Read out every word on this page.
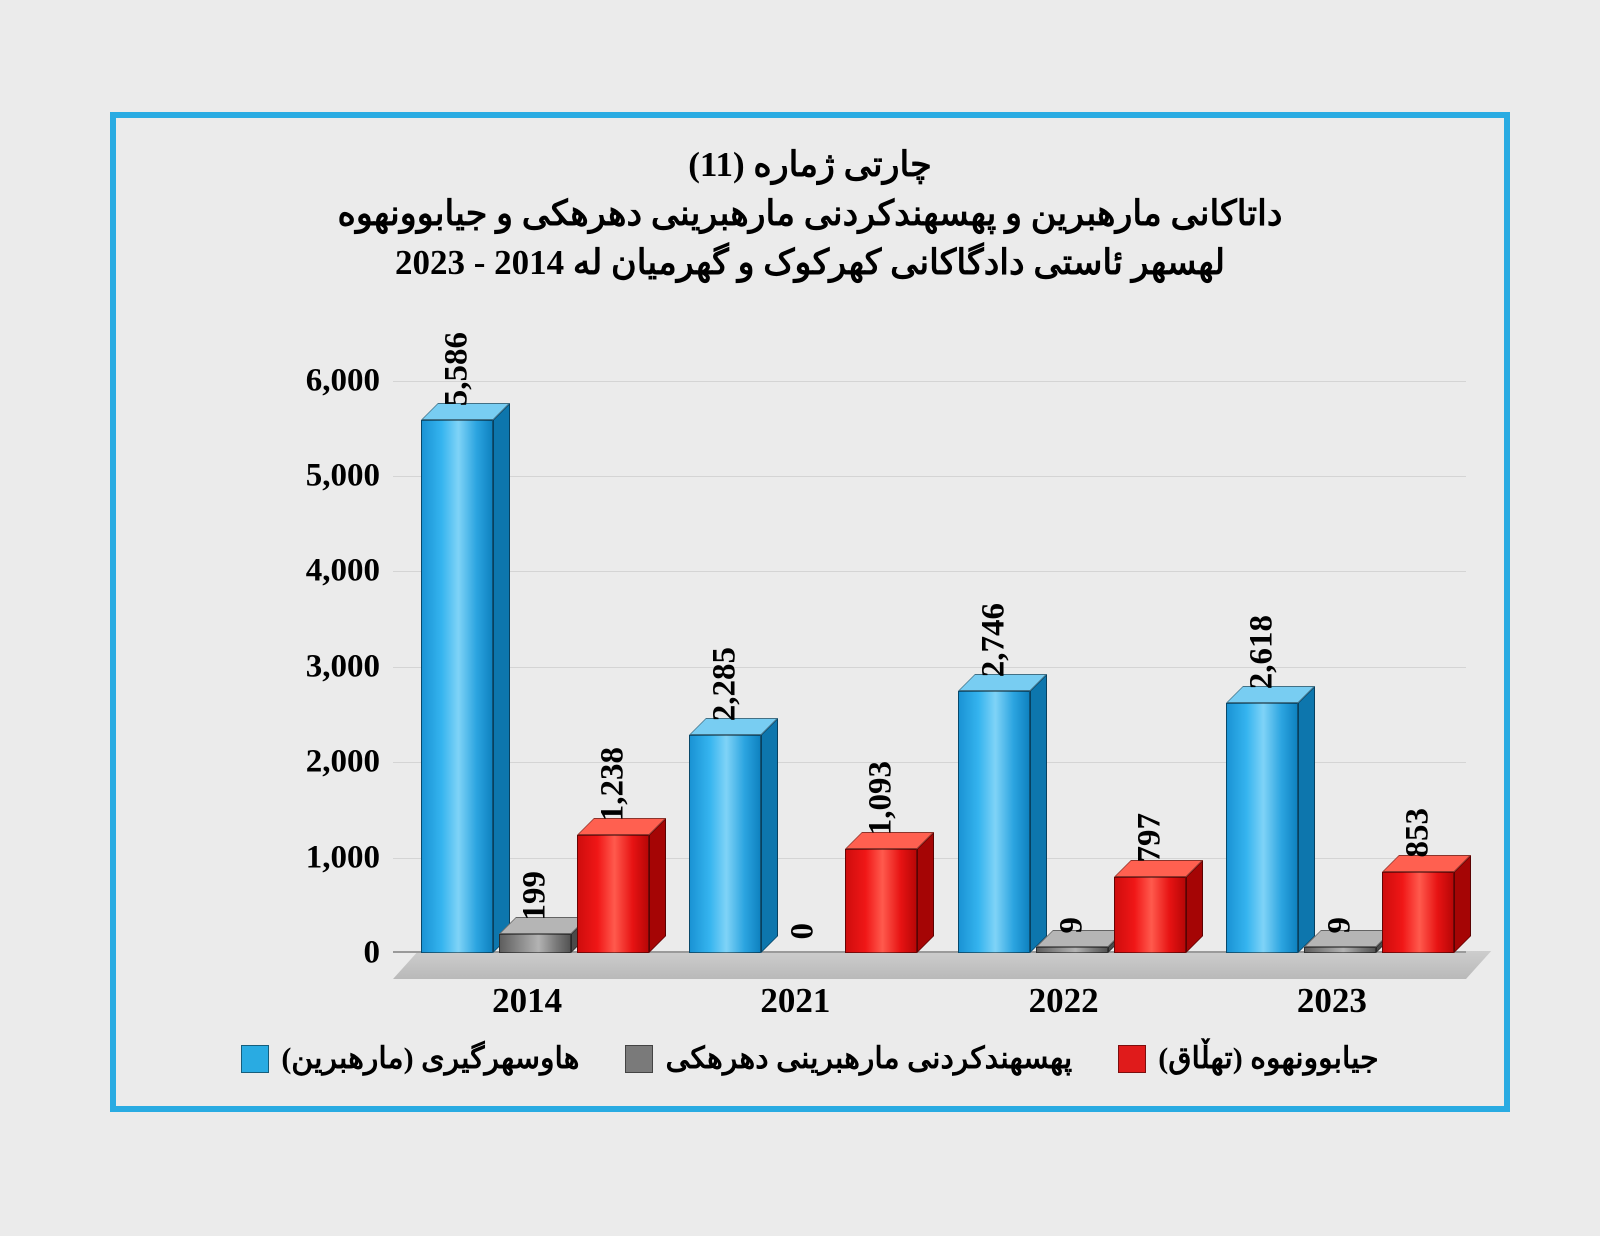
چارتی ژماره (11)
داتاکانی مارهبرین و پهسهندکردنی مارهبرینی دهرهکی و جیابوونهوه
لهسهر ئاستی دادگاکانی کهرکوک و گهرمیان له 2014 - 2023
0
1,000
2,000
3,000
4,000
5,000
6,000 5,586
199
1,238
2,285
0
1,093
2,746
9
797
2,618
9
853
2014	2021	2022	2023
هاوسهرگیری (مارهبرین)	پهسهندکردنی مارهبرینی دهرهکی	جیابوونهوه (تهڵاق)
